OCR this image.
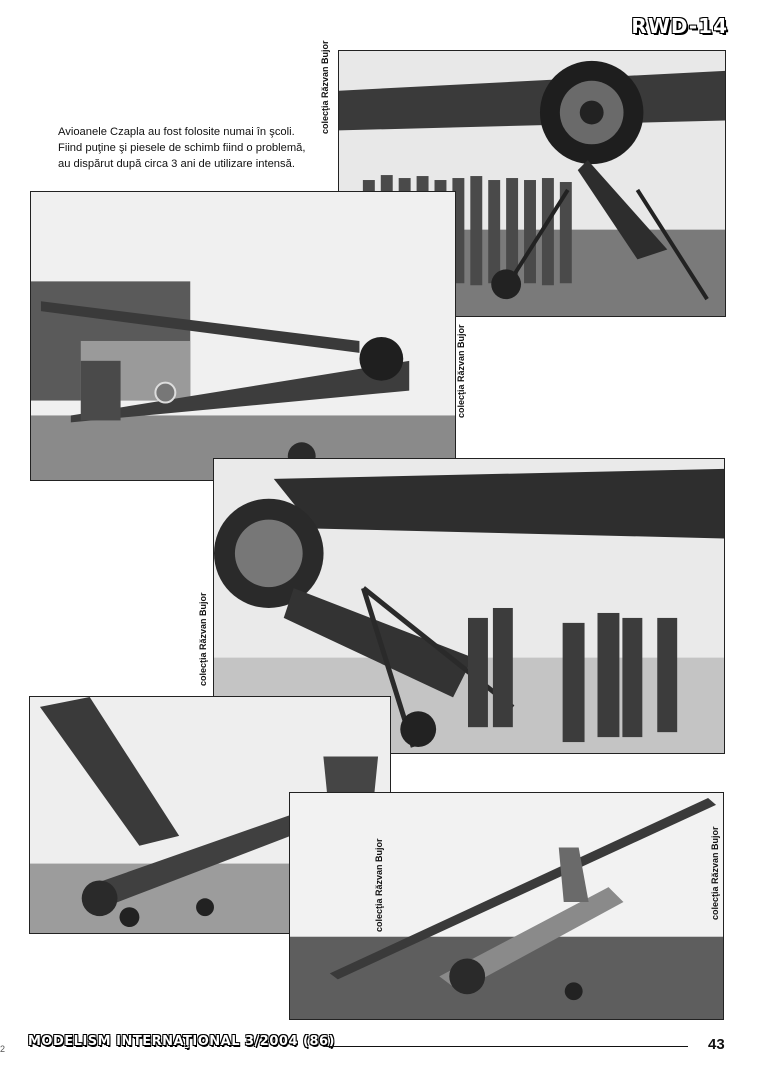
RWD-14
Avioanele Czapla au fost folosite numai în şcoli.
Fiind puţine şi piesele de schimb fiind o problemă,
au dispărut după circa 3 ani de utilizare intensă.
colecţia Răzvan Bujor
colecţia Răzvan Bujor
colecţia Răzvan Bujor
colecţia Răzvan Bujor	colecţia Răzvan Bujor
2 MODELISM INTERNAŢIONAL 3/2004 (86)	43
